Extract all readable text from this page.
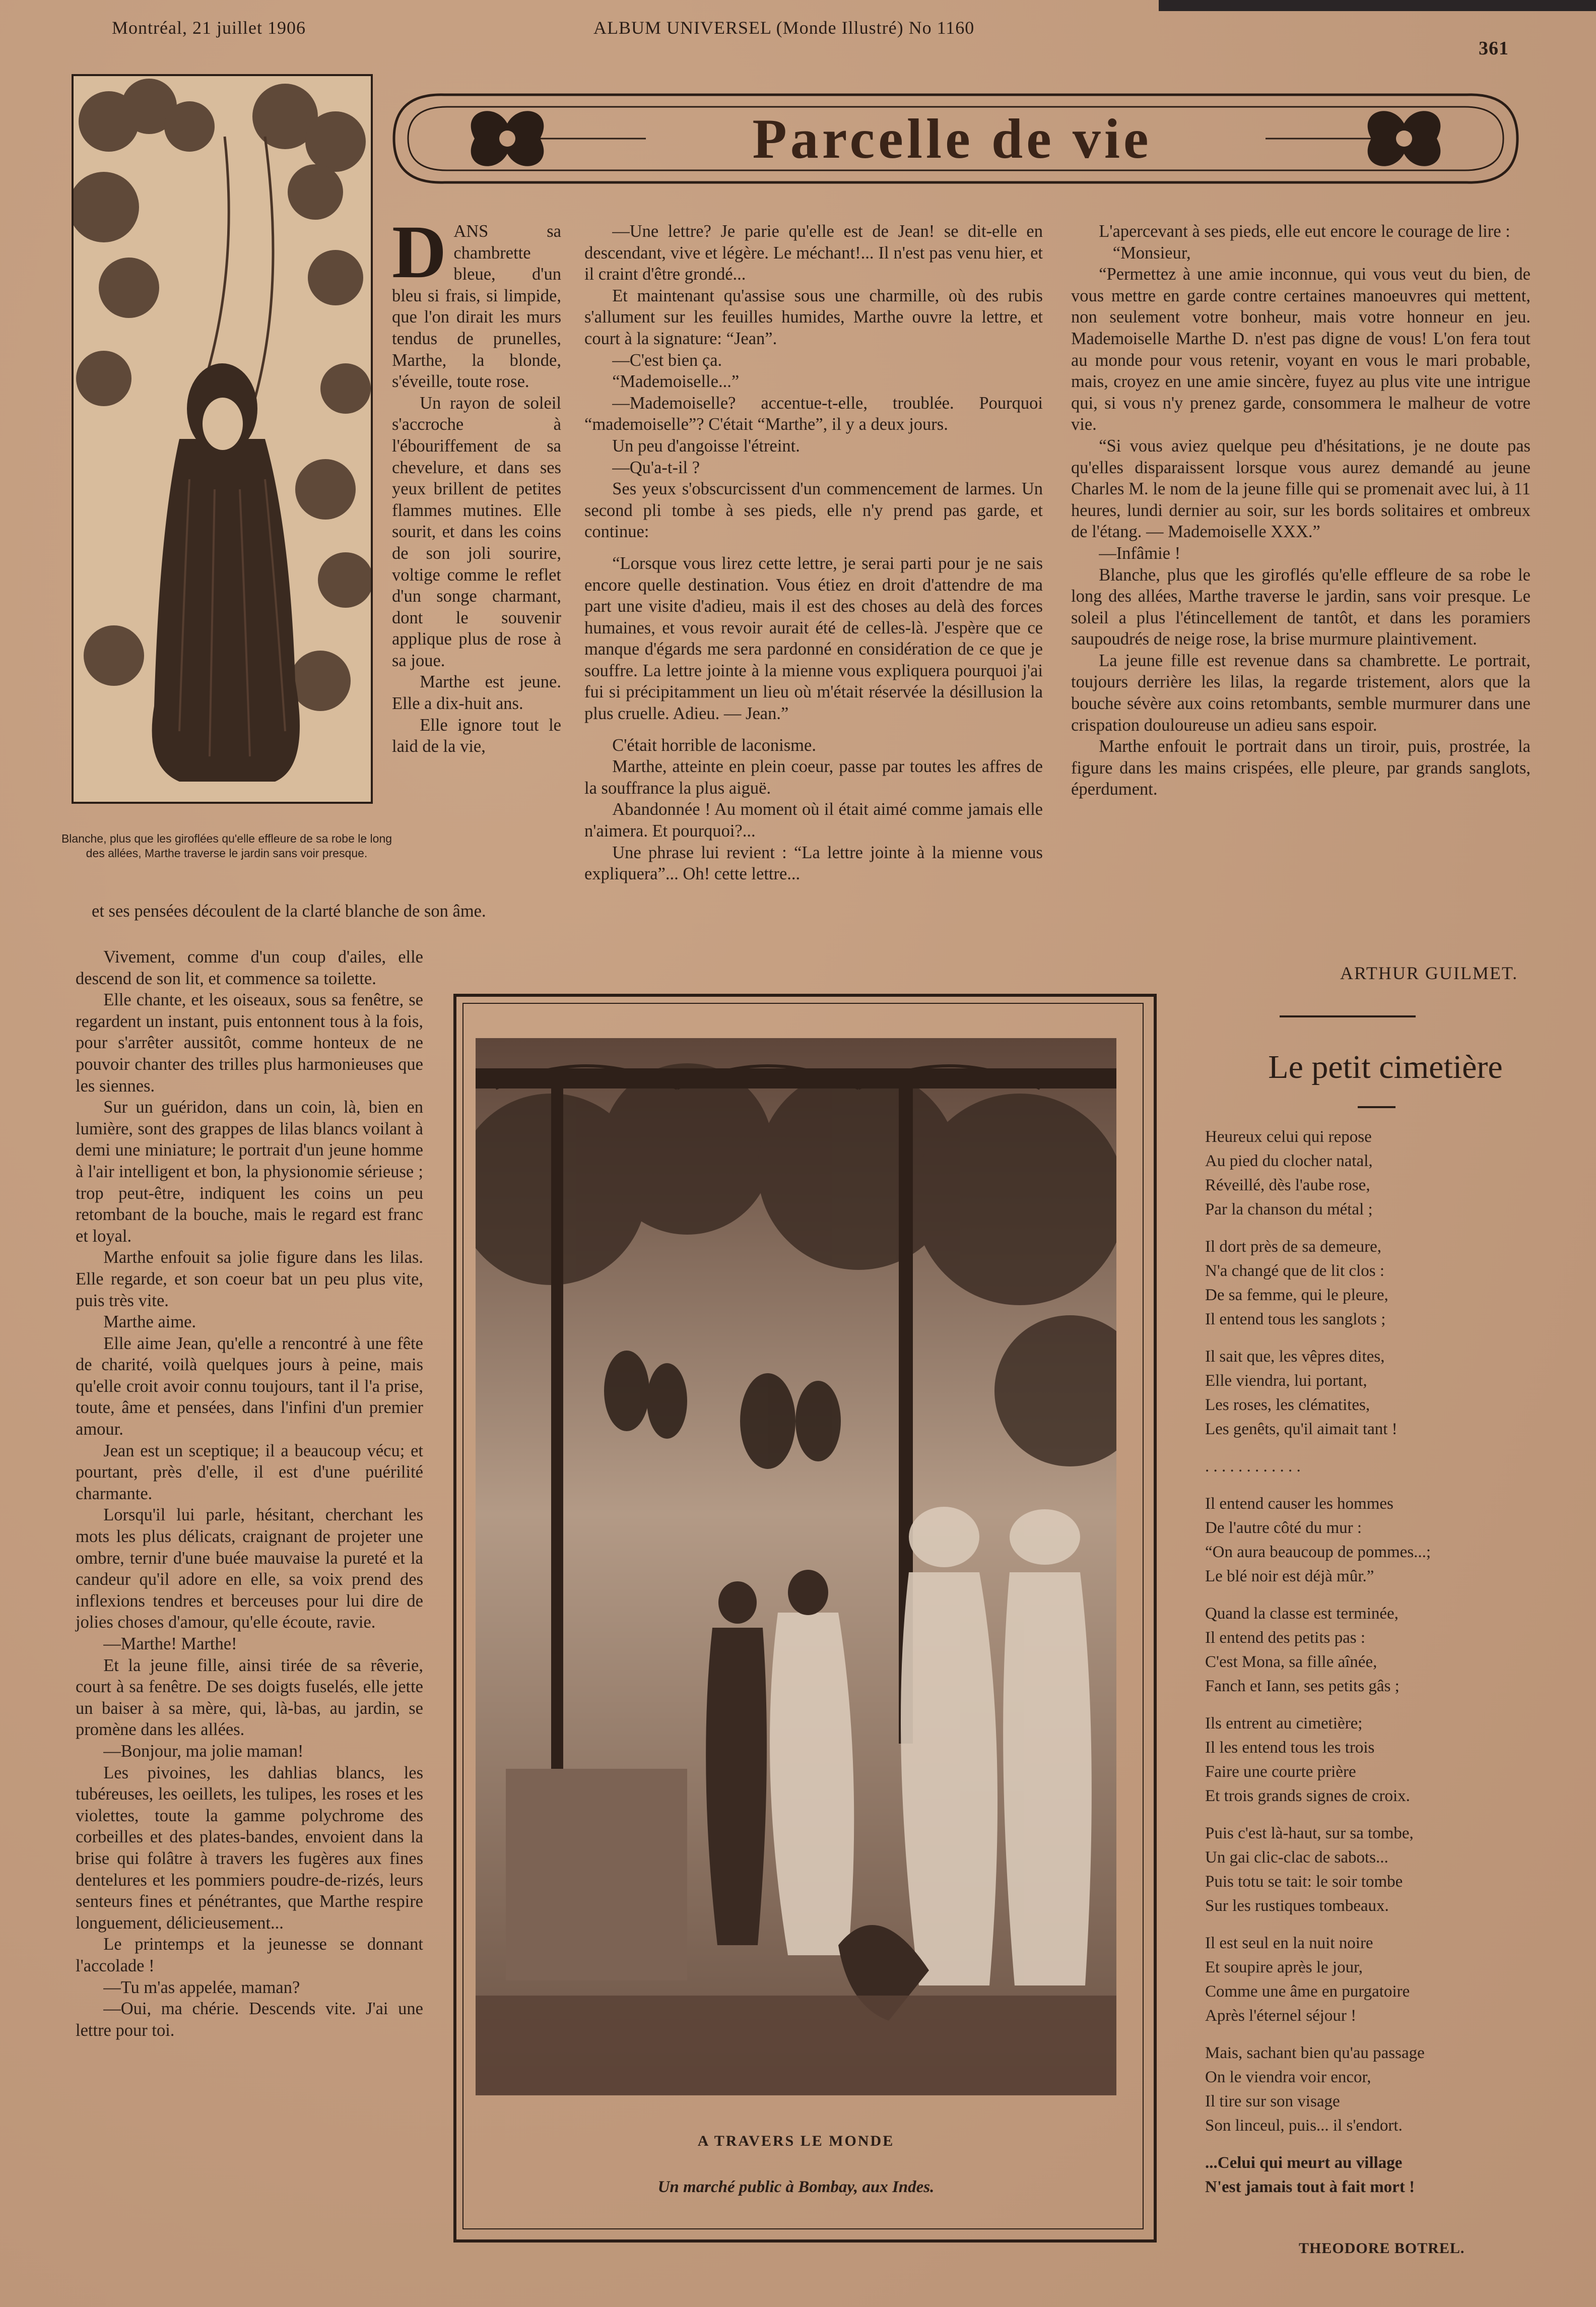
Montréal, 21 juillet 1906	ALBUM UNIVERSEL (Monde Illustré) No 1160
361
Parcelle de vie
Blanche, plus que les giroflées qu'elle effleure de sa robe le long des allées, Marthe traverse le jardin sans voir presque.
D ANS sa chambrette bleue, d'un bleu si frais, si limpide, que l'on dirait les murs tendus de prunelles, Marthe, la blonde, s'éveille, toute rose.

Un rayon de soleil s'accroche à l'ébouriffement de sa chevelure, et dans ses yeux brillent de petites flammes mutines. Elle sourit, et dans les coins de son joli sourire, voltige comme le reflet d'un songe charmant, dont le souvenir applique plus de rose à sa joue.

Marthe est jeune. Elle a dix-huit ans.

Elle ignore tout le laid de la vie,

et ses pensées découlent de la clarté blanche de son âme.

Vivement, comme d'un coup d'ailes, elle descend de son lit, et commence sa toilette.

Elle chante, et les oiseaux, sous sa fenêtre, se regardent un instant, puis entonnent tous à la fois, pour s'arrêter aussitôt, comme honteux de ne pouvoir chanter des trilles plus harmonieuses que les siennes.

Sur un guéridon, dans un coin, là, bien en lumière, sont des grappes de lilas blancs voilant à demi une miniature; le portrait d'un jeune homme à l'air intelligent et bon, la physionomie sérieuse ; trop peut-être, indiquent les coins un peu retombant de la bouche, mais le regard est franc et loyal.

Marthe enfouit sa jolie figure dans les lilas. Elle regarde, et son coeur bat un peu plus vite, puis très vite.

Marthe aime.

Elle aime Jean, qu'elle a rencontré à une fête de charité, voilà quelques jours à peine, mais qu'elle croit avoir connu toujours, tant il l'a prise, toute, âme et pensées, dans l'infini d'un premier amour.

Jean est un sceptique; il a beaucoup vécu; et pourtant, près d'elle, il est d'une puérilité charmante.

Lorsqu'il lui parle, hésitant, cherchant les mots les plus délicats, craignant de projeter une ombre, ternir d'une buée mauvaise la pureté et la candeur qu'il adore en elle, sa voix prend des inflexions tendres et berceuses pour lui dire de jolies choses d'amour, qu'elle écoute, ravie.

—Marthe! Marthe!

Et la jeune fille, ainsi tirée de sa rêverie, court à sa fenêtre. De ses doigts fuselés, elle jette un baiser à sa mère, qui, là-bas, au jardin, se promène dans les allées.

—Bonjour, ma jolie maman!

Les pivoines, les dahlias blancs, les tubéreuses, les oeillets, les tulipes, les roses et les violettes, toute la gamme polychrome des corbeilles et des plates-bandes, envoient dans la brise qui folâtre à travers les fugères aux fines dentelures et les pommiers poudre-de-rizés, leurs senteurs fines et pénétrantes, que Marthe respire longuement, délicieusement...

Le printemps et la jeunesse se donnant l'accolade !

—Tu m'as appelée, maman?

—Oui, ma chérie. Descends vite. J'ai une lettre pour toi.

—Une lettre? Je parie qu'elle est de Jean! se dit-elle en descendant, vive et légère. Le méchant!... Il n'est pas venu hier, et il craint d'être grondé...

Et maintenant qu'assise sous une charmille, où des rubis s'allument sur les feuilles humides, Marthe ouvre la lettre, et court à la signature: “Jean”.

—C'est bien ça.

“Mademoiselle...”

—Mademoiselle? accentue-t-elle, troublée. Pourquoi “mademoiselle”? C'était “Marthe”, il y a deux jours.

Un peu d'angoisse l'étreint.

—Qu'a-t-il ?

Ses yeux s'obscurcissent d'un commencement de larmes. Un second pli tombe à ses pieds, elle n'y prend pas garde, et continue:

“Lorsque vous lirez cette lettre, je serai parti pour je ne sais encore quelle destination. Vous étiez en droit d'attendre de ma part une visite d'adieu, mais il est des choses au delà des forces humaines, et vous revoir aurait été de celles-là. J'espère que ce manque d'égards me sera pardonné en considération de ce que je souffre. La lettre jointe à la mienne vous expliquera pourquoi j'ai fui si précipitamment un lieu où m'était réservée la désillusion la plus cruelle. Adieu. — Jean.”

C'était horrible de laconisme.

Marthe, atteinte en plein coeur, passe par toutes les affres de la souffrance la plus aiguë.

Abandonnée ! Au moment où il était aimé comme jamais elle n'aimera. Et pourquoi?...

Une phrase lui revient : “La lettre jointe à la mienne vous expliquera”... Oh! cette lettre...

L'apercevant à ses pieds, elle eut encore le courage de lire :

“Monsieur,

“Permettez à une amie inconnue, qui vous veut du bien, de vous mettre en garde contre certaines manoeuvres qui mettent, non seulement votre bonheur, mais votre honneur en jeu. Mademoiselle Marthe D. n'est pas digne de vous! L'on fera tout au monde pour vous retenir, voyant en vous le mari probable, mais, croyez en une amie sincère, fuyez au plus vite une intrigue qui, si vous n'y prenez garde, consommera le malheur de votre vie.

“Si vous aviez quelque peu d'hésitations, je ne doute pas qu'elles disparaissent lorsque vous aurez demandé au jeune Charles M. le nom de la jeune fille qui se promenait avec lui, à 11 heures, lundi dernier au soir, sur les bords solitaires et ombreux de l'étang. — Mademoiselle XXX.”

—Infâmie !

Blanche, plus que les giroflés qu'elle effleure de sa robe le long des allées, Marthe traverse le jardin, sans voir presque. Le soleil a plus l'étincellement de tantôt, et dans les poramiers saupoudrés de neige rose, la brise murmure plaintivement.

La jeune fille est revenue dans sa chambrette. Le portrait, toujours derrière les lilas, la regarde tristement, alors que la bouche sévère aux coins retombants, semble murmurer dans une crispation douloureuse un adieu sans espoir.

Marthe enfouit le portrait dans un tiroir, puis, prostrée, la figure dans les mains crispées, elle pleure, par grands sanglots, éperdument.

ARTHUR GUILMET.
A TRAVERS LE MONDE
Un marché public à Bombay, aux Indes.
Le petit cimetière
Heureux celui qui repose
Au pied du clocher natal,
Réveillé, dès l'aube rose,
Par la chanson du métal ;
Il dort près de sa demeure,
N'a changé que de lit clos :
De sa femme, qui le pleure,
Il entend tous les sanglots ;
Il sait que, les vêpres dites,
Elle viendra, lui portant,
Les roses, les clématites,
Les genêts, qu'il aimait tant !
. . . . . . . . . . . .
Il entend causer les hommes
De l'autre côté du mur :
“On aura beaucoup de pommes...;
Le blé noir est déjà mûr.”
Quand la classe est terminée,
Il entend des petits pas :
C'est Mona, sa fille aînée,
Fanch et Iann, ses petits gâs ;
Ils entrent au cimetière;
Il les entend tous les trois
Faire une courte prière
Et trois grands signes de croix.
Puis c'est là-haut, sur sa tombe,
Un gai clic-clac de sabots...
Puis totu se tait: le soir tombe
Sur les rustiques tombeaux.
Il est seul en la nuit noire
Et soupire après le jour,
Comme une âme en purgatoire
Après l'éternel séjour !
Mais, sachant bien qu'au passage
On le viendra voir encor,
Il tire sur son visage
Son linceul, puis... il s'endort.
...Celui qui meurt au village
N'est jamais tout à fait mort !
THEODORE BOTREL.
